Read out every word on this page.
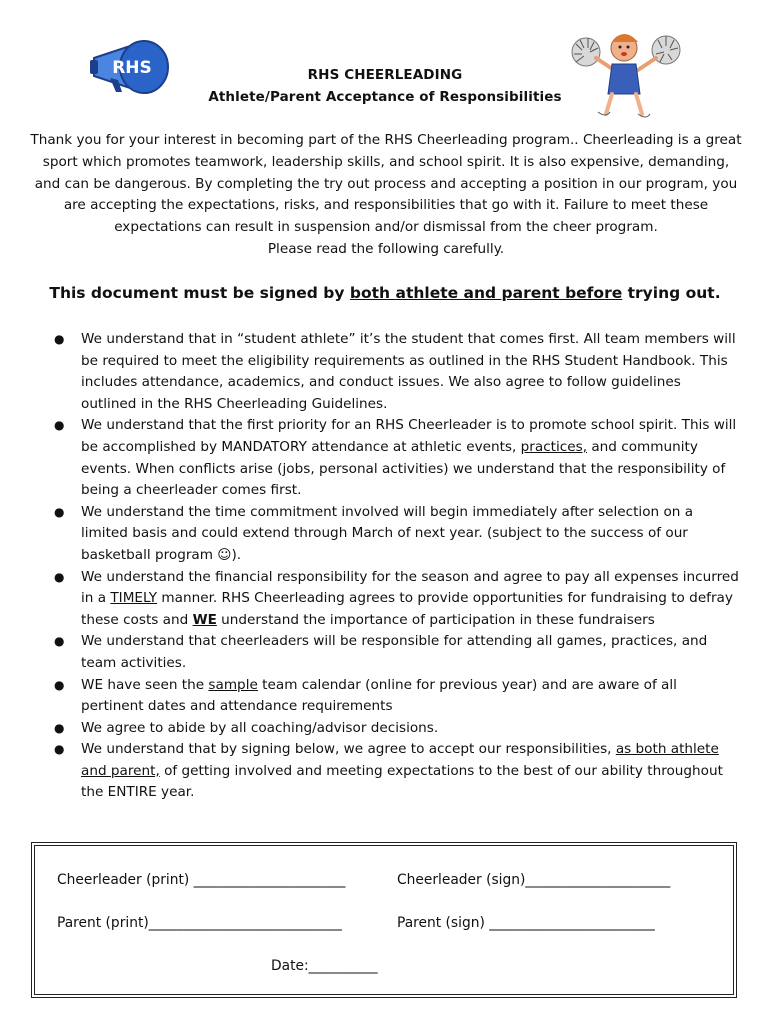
RHS	RHS CHEERLEADING
Athlete/Parent Acceptance of Responsibilities

Thank you for your interest in becoming part of the RHS Cheerleading program.. Cheerleading is a great sport which promotes teamwork, leadership skills, and school spirit. It is also expensive, demanding, and can be dangerous. By completing the try out process and accepting a position in our program, you are accepting the expectations, risks, and responsibilities that go with it. Failure to meet these expectations can result in suspension and/or dismissal from the cheer program.

Please read the following carefully.

This document must be signed by both athlete and parent before trying out.
● We understand that in “student athlete” it’s the student that comes first. All team members will be required to meet the eligibility requirements as outlined in the RHS Student Handbook. This includes attendance, academics, and conduct issues. We also agree to follow guidelines outlined in the RHS Cheerleading Guidelines.
● We understand that the first priority for an RHS Cheerleader is to promote school spirit. This will be accomplished by MANDATORY attendance at athletic events, practices, and community events. When conflicts arise (jobs, personal activities) we understand that the responsibility of being a cheerleader comes first.
● We understand the time commitment involved will begin immediately after selection on a limited basis and could extend through March of next year. (subject to the success of our basketball program ☺).
● We understand the financial responsibility for the season and agree to pay all expenses incurred in a TIMELY manner. RHS Cheerleading agrees to provide opportunities for fundraising to defray these costs and WE understand the importance of participation in these fundraisers
● We understand that cheerleaders will be responsible for attending all games, practices, and team activities.
● WE have seen the sample team calendar (online for previous year) and are aware of all pertinent dates and attendance requirements
● We agree to abide by all coaching/advisor decisions.
● We understand that by signing below, we agree to accept our responsibilities, as both athlete and parent, of getting involved and meeting expectations to the best of our ability throughout the ENTIRE year.
Cheerleader (print) ______________________	Cheerleader (sign)_____________________
Parent (print)____________________________	Parent (sign) ________________________
Date:__________
